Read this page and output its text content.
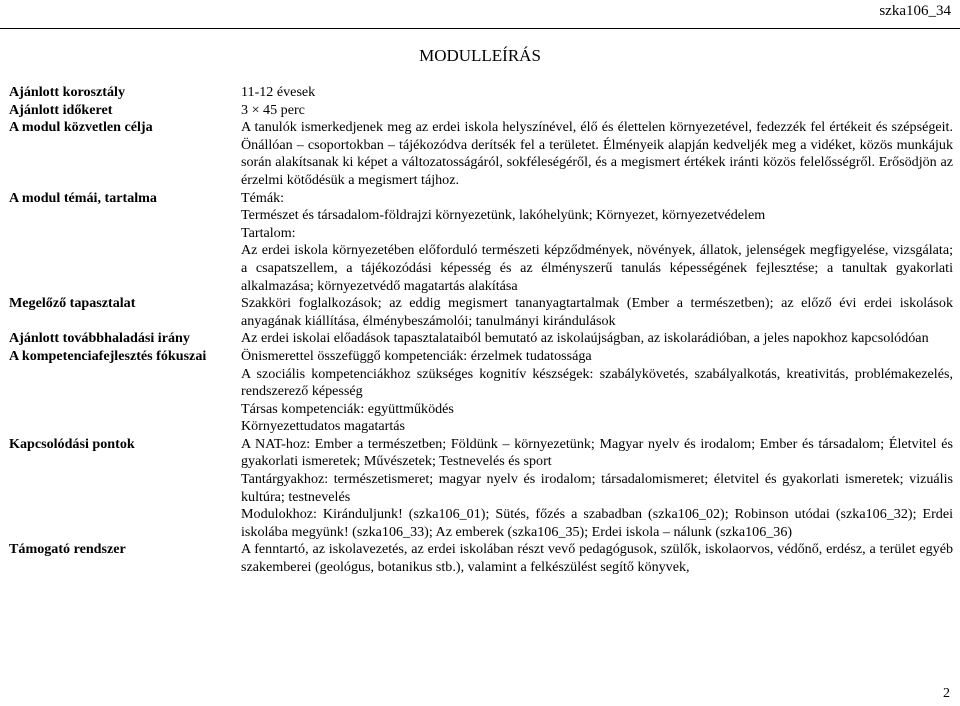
szka106_34
MODULLEÍRÁS
Ajánlott korosztály	11-12 évesek

Ajánlott időkeret	3 × 45 perc

A modul közvetlen célja	A tanulók ismerkedjenek meg az erdei iskola helyszínével, élő és élettelen környezetével, fedezzék fel értékeit és szépségeit. Önállóan – csoportokban – tájékozódva derítsék fel a területet. Élményeik alapján kedveljék meg a vidéket, közös munkájuk során alakítsanak ki képet a változatosságáról, sokféleségéről, és a megismert értékek iránti közös felelősségről. Erősödjön az érzelmi kötődésük a megismert tájhoz.

A modul témái, tartalma	Témák:

Természet és társadalom-földrajzi környezetünk, lakóhelyünk; Környezet, környezetvédelem

Tartalom:

Az erdei iskola környezetében előforduló természeti képződmények, növények, állatok, jelenségek megfigyelése, vizsgálata; a csapatszellem, a tájékozódási képesség és az élményszerű tanulás képességének fejlesztése; a tanultak gyakorlati alkalmazása; környezetvédő magatartás alakítása

Megelőző tapasztalat	Szakköri foglalkozások; az eddig megismert tananyagtartalmak (Ember a természetben); az előző évi erdei iskolások anyagának kiállítása, élménybeszámolói; tanulmányi kirándulások

Ajánlott továbbhaladási irány	Az erdei iskolai előadások tapasztalataiból bemutató az iskolaújságban, az iskolarádióban, a jeles napokhoz kapcsolódóan

A kompetenciafejlesztés fókuszai	Önismerettel összefüggő kompetenciák: érzelmek tudatossága

A szociális kompetenciákhoz szükséges kognitív készségek: szabálykövetés, szabályalkotás, kreativitás, problémakezelés, rendszerező képesség

Társas kompetenciák: együttműködés

Környezettudatos magatartás

Kapcsolódási pontok	A NAT-hoz: Ember a természetben; Földünk – környezetünk; Magyar nyelv és irodalom; Ember és társadalom; Életvitel és gyakorlati ismeretek; Művészetek; Testnevelés és sport

Tantárgyakhoz: természetismeret; magyar nyelv és irodalom; társadalomismeret; életvitel és gyakorlati ismeretek; vizuális kultúra; testnevelés

Modulokhoz: Kiránduljunk! (szka106_01); Sütés, főzés a szabadban (szka106_02); Robinson utódai (szka106_32); Erdei iskolába megyünk! (szka106_33); Az emberek (szka106_35); Erdei iskola – nálunk (szka106_36)

Támogató rendszer	A fenntartó, az iskolavezetés, az erdei iskolában részt vevő pedagógusok, szülők, iskolaorvos, védőnő, erdész, a terület egyéb szakemberei (geológus, botanikus stb.), valamint a felkészülést segítő könyvek,

2
